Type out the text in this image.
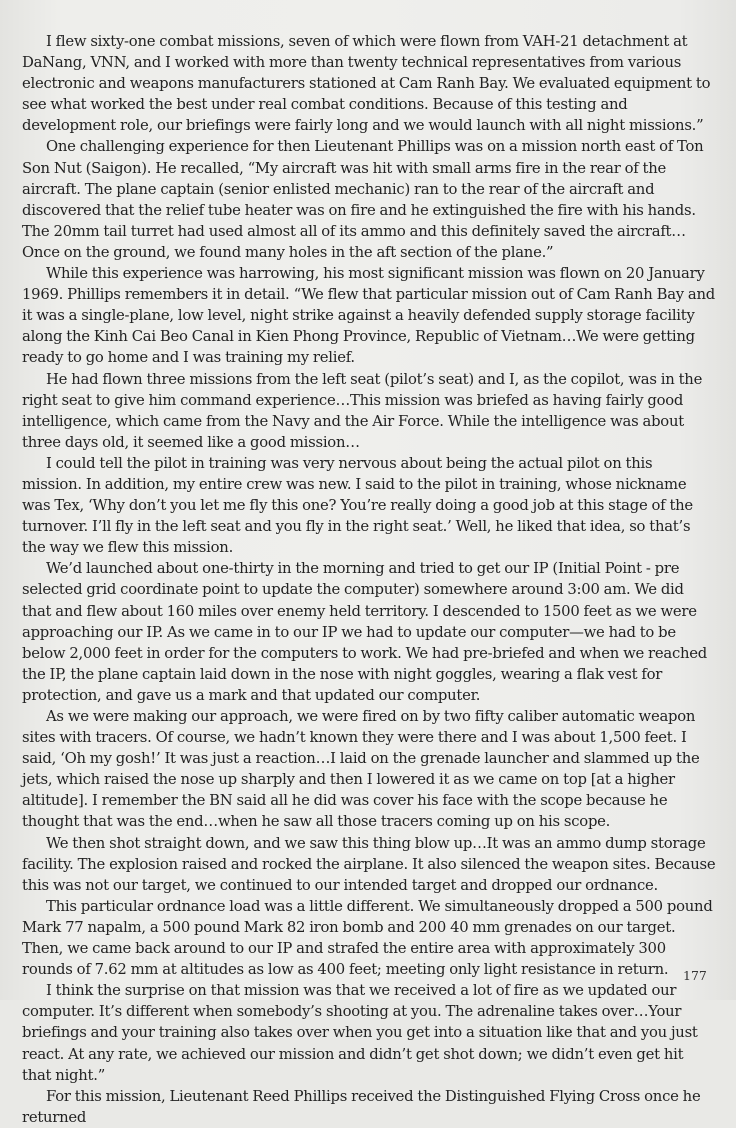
I flew sixty-one combat missions, seven of which were flown from VAH-21 detachment at DaNang, VNN, and I worked with more than twenty technical representatives from various electronic and weapons manufacturers stationed at Cam Ranh Bay. We evaluated equipment to see what worked the best under real combat conditions. Because of this testing and development role, our briefings were fairly long and we would launch with all night missions.”

One challenging experience for then Lieutenant Phillips was on a mission north east of Ton Son Nut (Saigon). He recalled, “My aircraft was hit with small arms fire in the rear of the aircraft. The plane captain (senior enlisted mechanic) ran to the rear of the aircraft and discovered that the relief tube heater was on fire and he extinguished the fire with his hands. The 20mm tail turret had used almost all of its ammo and this definitely saved the aircraft…Once on the ground, we found many holes in the aft section of the plane.”

While this experience was harrowing, his most significant mission was flown on 20 January 1969. Phillips remembers it in detail. “We flew that particular mission out of Cam Ranh Bay and it was a single-plane, low level, night strike against a heavily defended supply storage facility along the Kinh Cai Beo Canal in Kien Phong Province, Republic of Vietnam…We were getting ready to go home and I was training my relief.

He had flown three missions from the left seat (pilot’s seat) and I, as the copilot, was in the right seat to give him command experience…This mission was briefed as having fairly good intelligence, which came from the Navy and the Air Force. While the intelligence was about three days old, it seemed like a good mission…

I could tell the pilot in training was very nervous about being the actual pilot on this mission. In addition, my entire crew was new. I said to the pilot in training, whose nickname was Tex, ‘Why don’t you let me fly this one? You’re really doing a good job at this stage of the turnover. I’ll fly in the left seat and you fly in the right seat.’ Well, he liked that idea, so that’s the way we flew this mission.

We’d launched about one-thirty in the morning and tried to get our IP (Initial Point - pre selected grid coordinate point to update the computer) somewhere around 3:00 am. We did that and flew about 160 miles over enemy held territory. I descended to 1500 feet as we were approaching our IP. As we came in to our IP we had to update our computer—we had to be below 2,000 feet in order for the computers to work. We had pre-briefed and when we reached the IP, the plane captain laid down in the nose with night goggles, wearing a flak vest for protection, and gave us a mark and that updated our computer.

As we were making our approach, we were fired on by two fifty caliber automatic weapon sites with tracers. Of course, we hadn’t known they were there and I was about 1,500 feet. I said, ‘Oh my gosh!’ It was just a reaction…I laid on the grenade launcher and slammed up the jets, which raised the nose up sharply and then I lowered it as we came on top [at a higher altitude]. I remember the BN said all he did was cover his face with the scope because he thought that was the end…when he saw all those tracers coming up on his scope.

We then shot straight down, and we saw this thing blow up…It was an ammo dump storage facility. The explosion raised and rocked the airplane. It also silenced the weapon sites. Because this was not our target, we continued to our intended target and dropped our ordnance.

This particular ordnance load was a little different. We simultaneously dropped a 500 pound Mark 77 napalm, a 500 pound Mark 82 iron bomb and 200 40 mm grenades on our target. Then, we came back around to our IP and strafed the entire area with approximately 300 rounds of 7.62 mm at altitudes as low as 400 feet; meeting only light resistance in return.

I think the surprise on that mission was that we received a lot of fire as we updated our computer. It’s different when somebody’s shooting at you. The adrenaline takes over…Your briefings and your training also takes over when you get into a situation like that and you just react. At any rate, we achieved our mission and didn’t get shot down; we didn’t even get hit that night.”

For this mission, Lieutenant Reed Phillips received the Distinguished Flying Cross once he returned

177
